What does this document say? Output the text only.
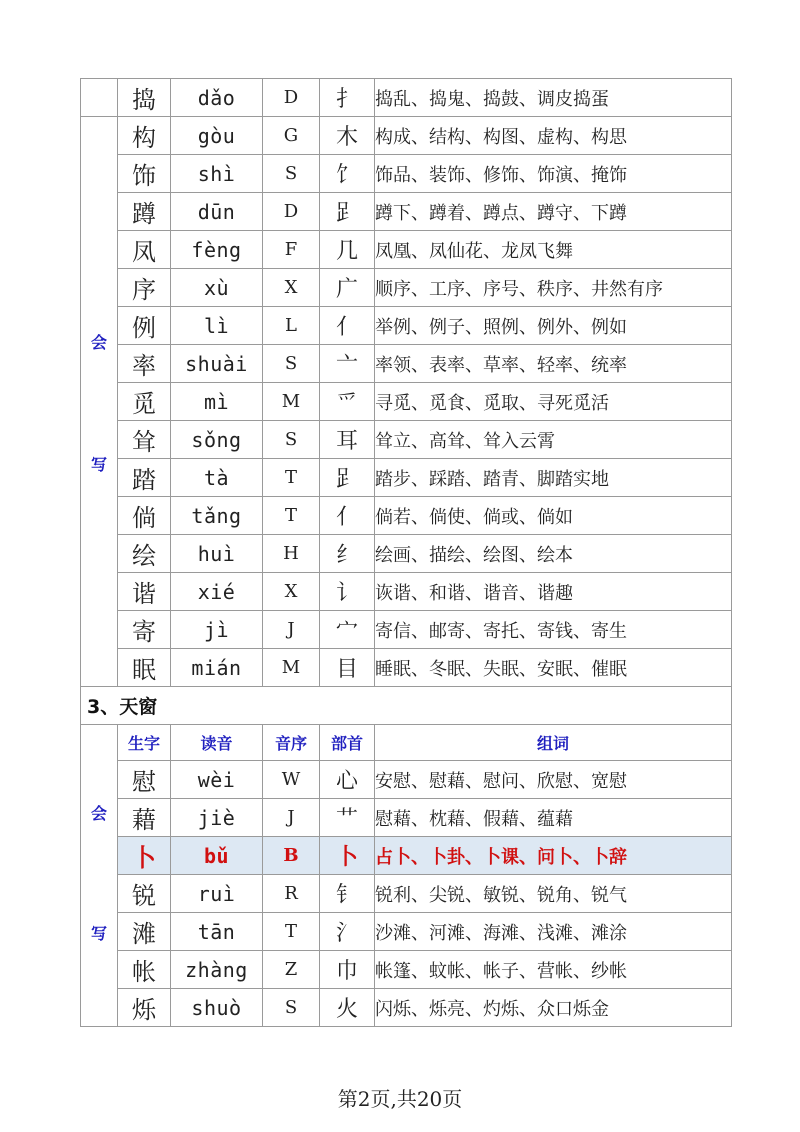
	捣	dǎo	D	扌	捣乱、捣鬼、捣鼓、调皮捣蛋

会
写	构	gòu	G	木	构成、结构、构图、虚构、构思
	饰	shì	S	饣	饰品、装饰、修饰、饰演、掩饰
	蹲	dūn	D	𧾷	蹲下、蹲着、蹲点、蹲守、下蹲
	凤	fèng	F	几	凤凰、凤仙花、龙凤飞舞
	序	xù	X	广	顺序、工序、序号、秩序、井然有序
	例	lì	L	亻	举例、例子、照例、例外、例如
	率	shuài	S	亠	率领、表率、草率、轻率、统率
	觅	mì	M	爫	寻觅、觅食、觅取、寻死觅活
	耸	sǒng	S	耳	耸立、高耸、耸入云霄
	踏	tà	T	𧾷	踏步、踩踏、踏青、脚踏实地
	倘	tǎng	T	亻	倘若、倘使、倘或、倘如
	绘	huì	H	纟	绘画、描绘、绘图、绘本
	谐	xié	X	讠	诙谐、和谐、谐音、谐趣
	寄	jì	J	宀	寄信、邮寄、寄托、寄钱、寄生
	眠	mián	M	目	睡眠、冬眠、失眠、安眠、催眠
3、天窗					

会
写	生字	读音	音序	部首	组词
	慰	wèi	W	心	安慰、慰藉、慰问、欣慰、宽慰
	藉	jiè	J	艹	慰藉、枕藉、假藉、蕴藉
	卜	bǔ	B	卜	占卜、卜卦、卜课、问卜、卜辞
	锐	ruì	R	钅	锐利、尖锐、敏锐、锐角、锐气
	滩	tān	T	氵	沙滩、河滩、海滩、浅滩、滩涂
	帐	zhàng	Z	巾	帐篷、蚊帐、帐子、营帐、纱帐
	烁	shuò	S	火	闪烁、烁亮、灼烁、众口烁金
第2页,共20页
